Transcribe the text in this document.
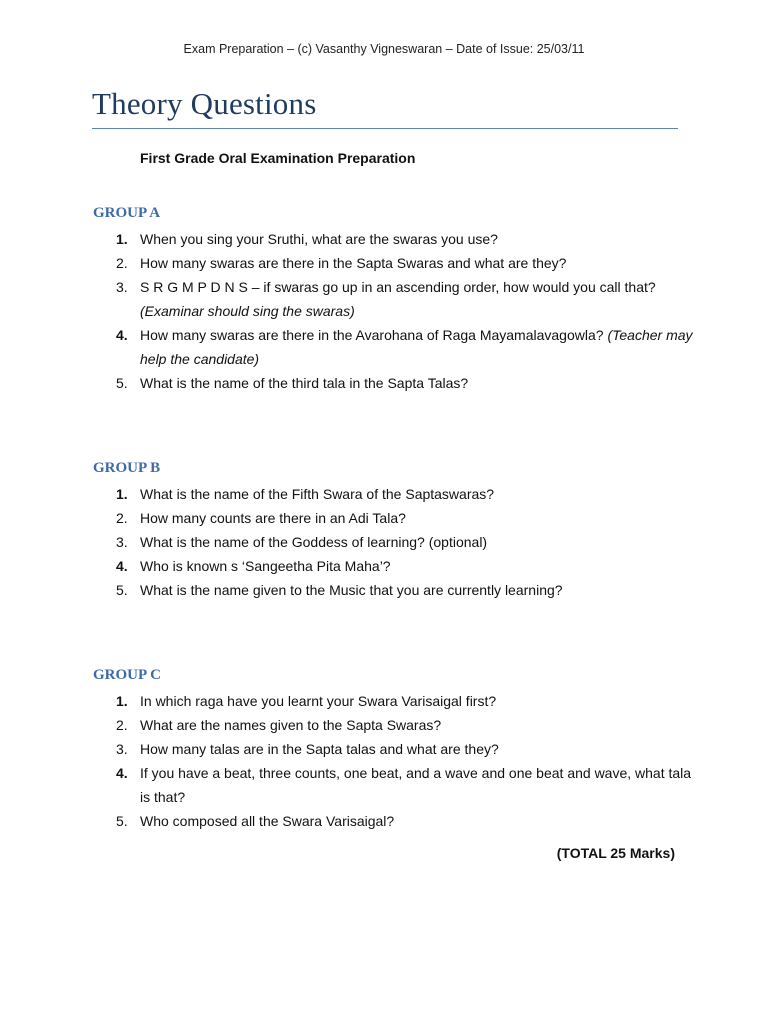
Exam Preparation – (c) Vasanthy Vigneswaran – Date of Issue: 25/03/11
Theory Questions
First Grade Oral Examination Preparation
GROUP A
1. When you sing your Sruthi, what are the swaras you use?
2. How many swaras are there in the Sapta Swaras and what are they?
3. S R G M P D N S – if swaras go up in an ascending order, how would you call that? (Examinar should sing the swaras)
4. How many swaras are there in the Avarohana of Raga Mayamalavagowla? (Teacher may help the candidate)
5. What is the name of the third tala in the Sapta Talas?
GROUP B
1. What is the name of the Fifth Swara of the Saptaswaras?
2. How many counts are there in an Adi Tala?
3. What is the name of the Goddess of learning? (optional)
4. Who is known s ‘Sangeetha Pita Maha’?
5. What is the name given to the Music that you are currently learning?
GROUP C
1. In which raga have you learnt your Swara Varisaigal first?
2. What are the names given to the Sapta Swaras?
3. How many talas are in the Sapta talas and what are they?
4. If you have a beat, three counts, one beat, and a wave and one beat and wave, what tala is that?
5. Who composed all the Swara Varisaigal?
(TOTAL 25 Marks)
